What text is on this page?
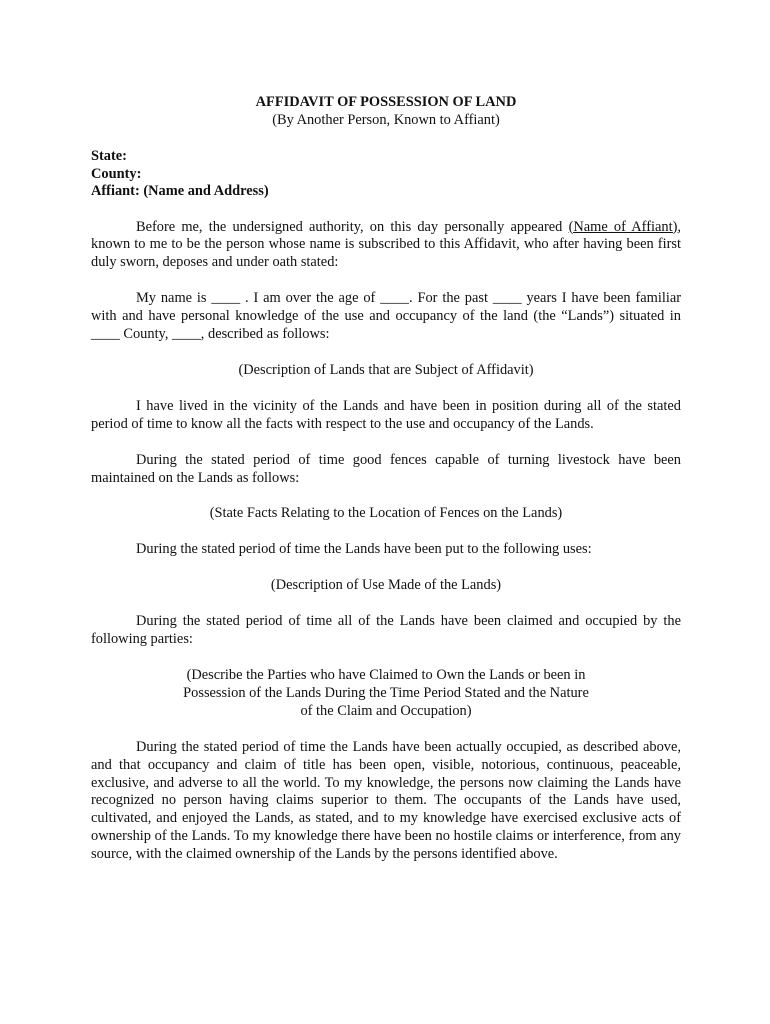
AFFIDAVIT OF POSSESSION OF LAND
(By Another Person, Known to Affiant)
State:
County:
Affiant: (Name and Address)

Before me, the undersigned authority, on this day personally appeared (Name of Affiant), known to me to be the person whose name is subscribed to this Affidavit, who after having been first duly sworn, deposes and under oath stated:

My name is ____ . I am over the age of ____. For the past ____ years I have been familiar with and have personal knowledge of the use and occupancy of the land (the “Lands”) situated in ____ County, ____, described as follows:

(Description of Lands that are Subject of Affidavit)

I have lived in the vicinity of the Lands and have been in position during all of the stated period of time to know all the facts with respect to the use and occupancy of the Lands.

During the stated period of time good fences capable of turning livestock have been maintained on the Lands as follows:

(State Facts Relating to the Location of Fences on the Lands)

During the stated period of time the Lands have been put to the following uses:

(Description of Use Made of the Lands)

During the stated period of time all of the Lands have been claimed and occupied by the following parties:

(Describe the Parties who have Claimed to Own the Lands or been in
Possession of the Lands During the Time Period Stated and the Nature
of the Claim and Occupation)

During the stated period of time the Lands have been actually occupied, as described above, and that occupancy and claim of title has been open, visible, notorious, continuous, peaceable, exclusive, and adverse to all the world. To my knowledge, the persons now claiming the Lands have recognized no person having claims superior to them. The occupants of the Lands have used, cultivated, and enjoyed the Lands, as stated, and to my knowledge have exercised exclusive acts of ownership of the Lands. To my knowledge there have been no hostile claims or interference, from any source, with the claimed ownership of the Lands by the persons identified above.
